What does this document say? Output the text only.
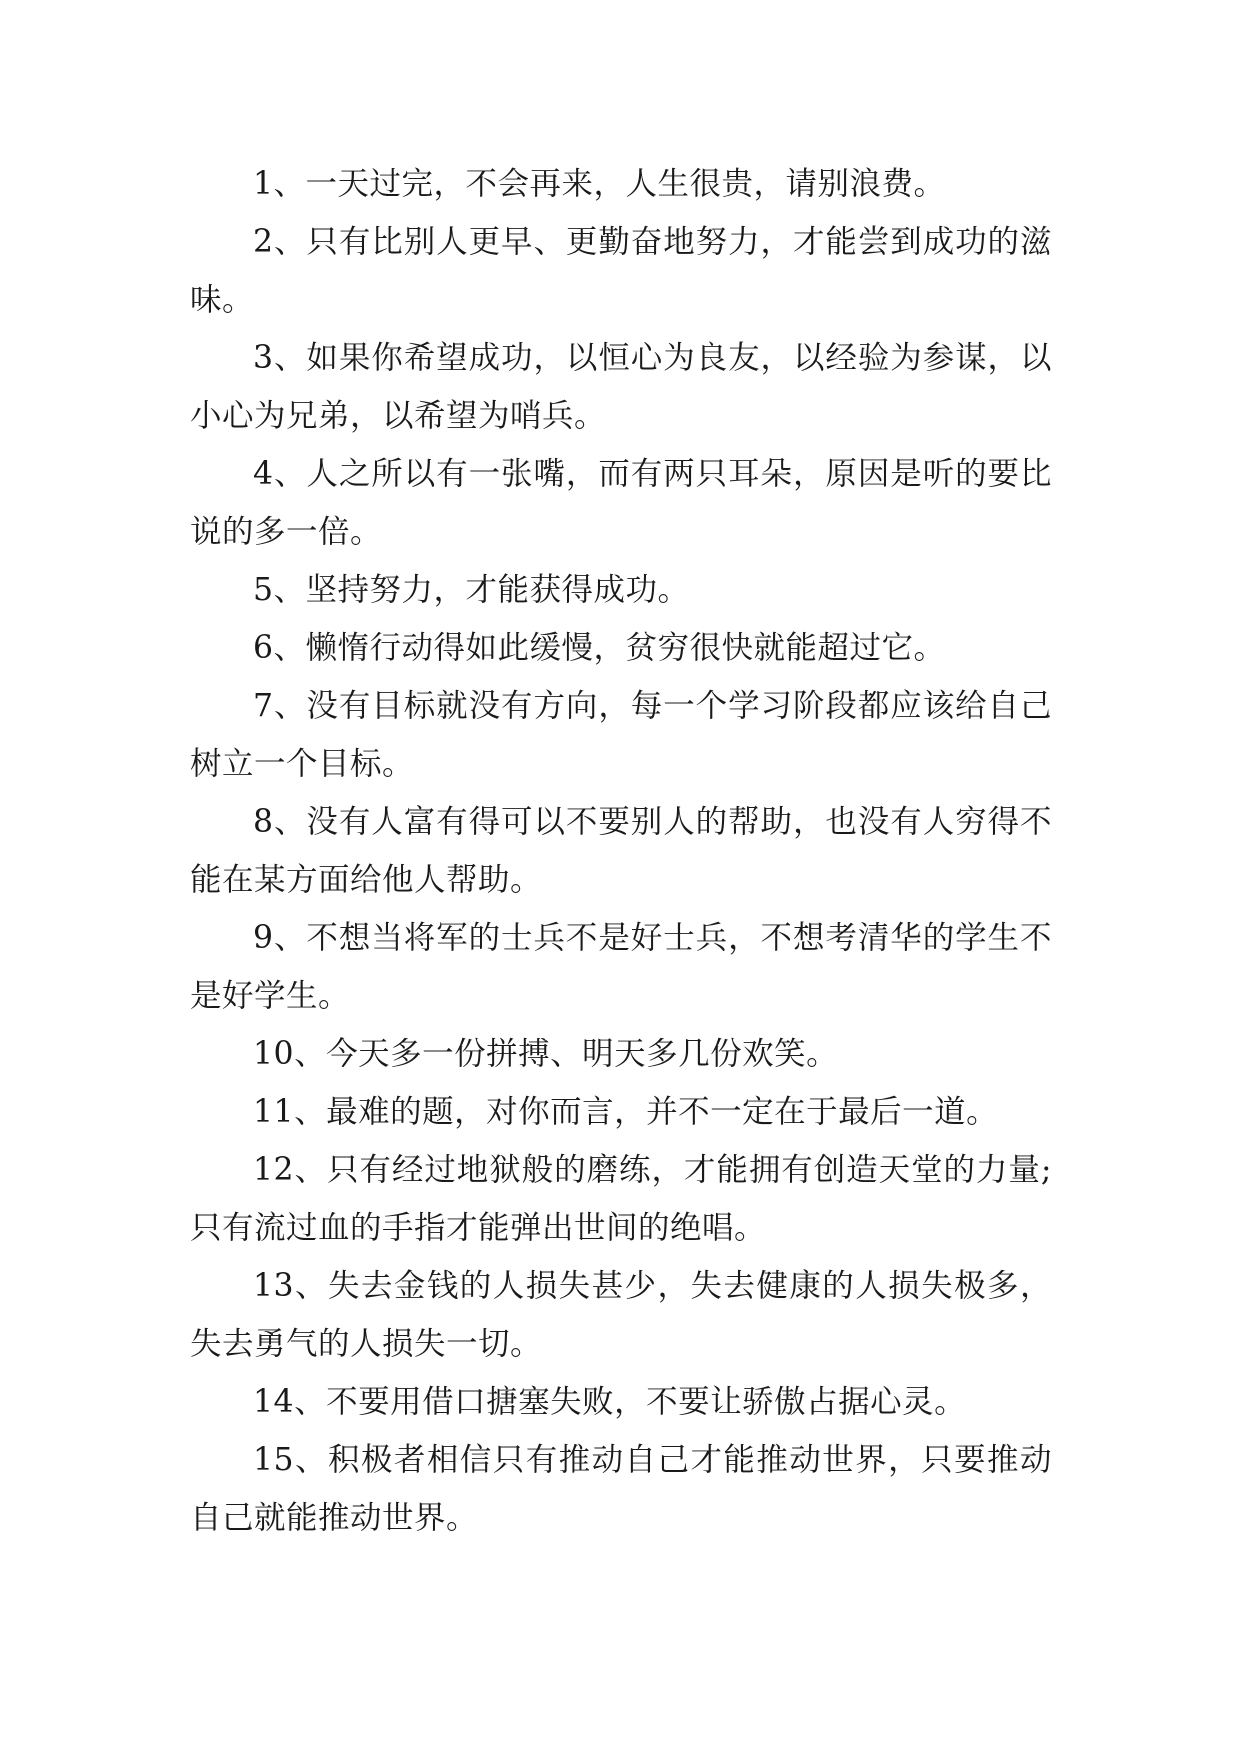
1、一天过完，不会再来，人生很贵，请别浪费。

2、只有比别人更早、更勤奋地努力，才能尝到成功的滋味。

3、如果你希望成功，以恒心为良友，以经验为参谋，以小心为兄弟，以希望为哨兵。

4、人之所以有一张嘴，而有两只耳朵，原因是听的要比说的多一倍。

5、坚持努力，才能获得成功。

6、懒惰行动得如此缓慢，贫穷很快就能超过它。

7、没有目标就没有方向，每一个学习阶段都应该给自己树立一个目标。

8、没有人富有得可以不要别人的帮助，也没有人穷得不能在某方面给他人帮助。

9、不想当将军的士兵不是好士兵，不想考清华的学生不是好学生。

10、今天多一份拼搏、明天多几份欢笑。

11、最难的题，对你而言，并不一定在于最后一道。

12、只有经过地狱般的磨练，才能拥有创造天堂的力量;只有流过血的手指才能弹出世间的绝唱。

13、失去金钱的人损失甚少，失去健康的人损失极多，失去勇气的人损失一切。

14、不要用借口搪塞失败，不要让骄傲占据心灵。

15、积极者相信只有推动自己才能推动世界，只要推动自己就能推动世界。
